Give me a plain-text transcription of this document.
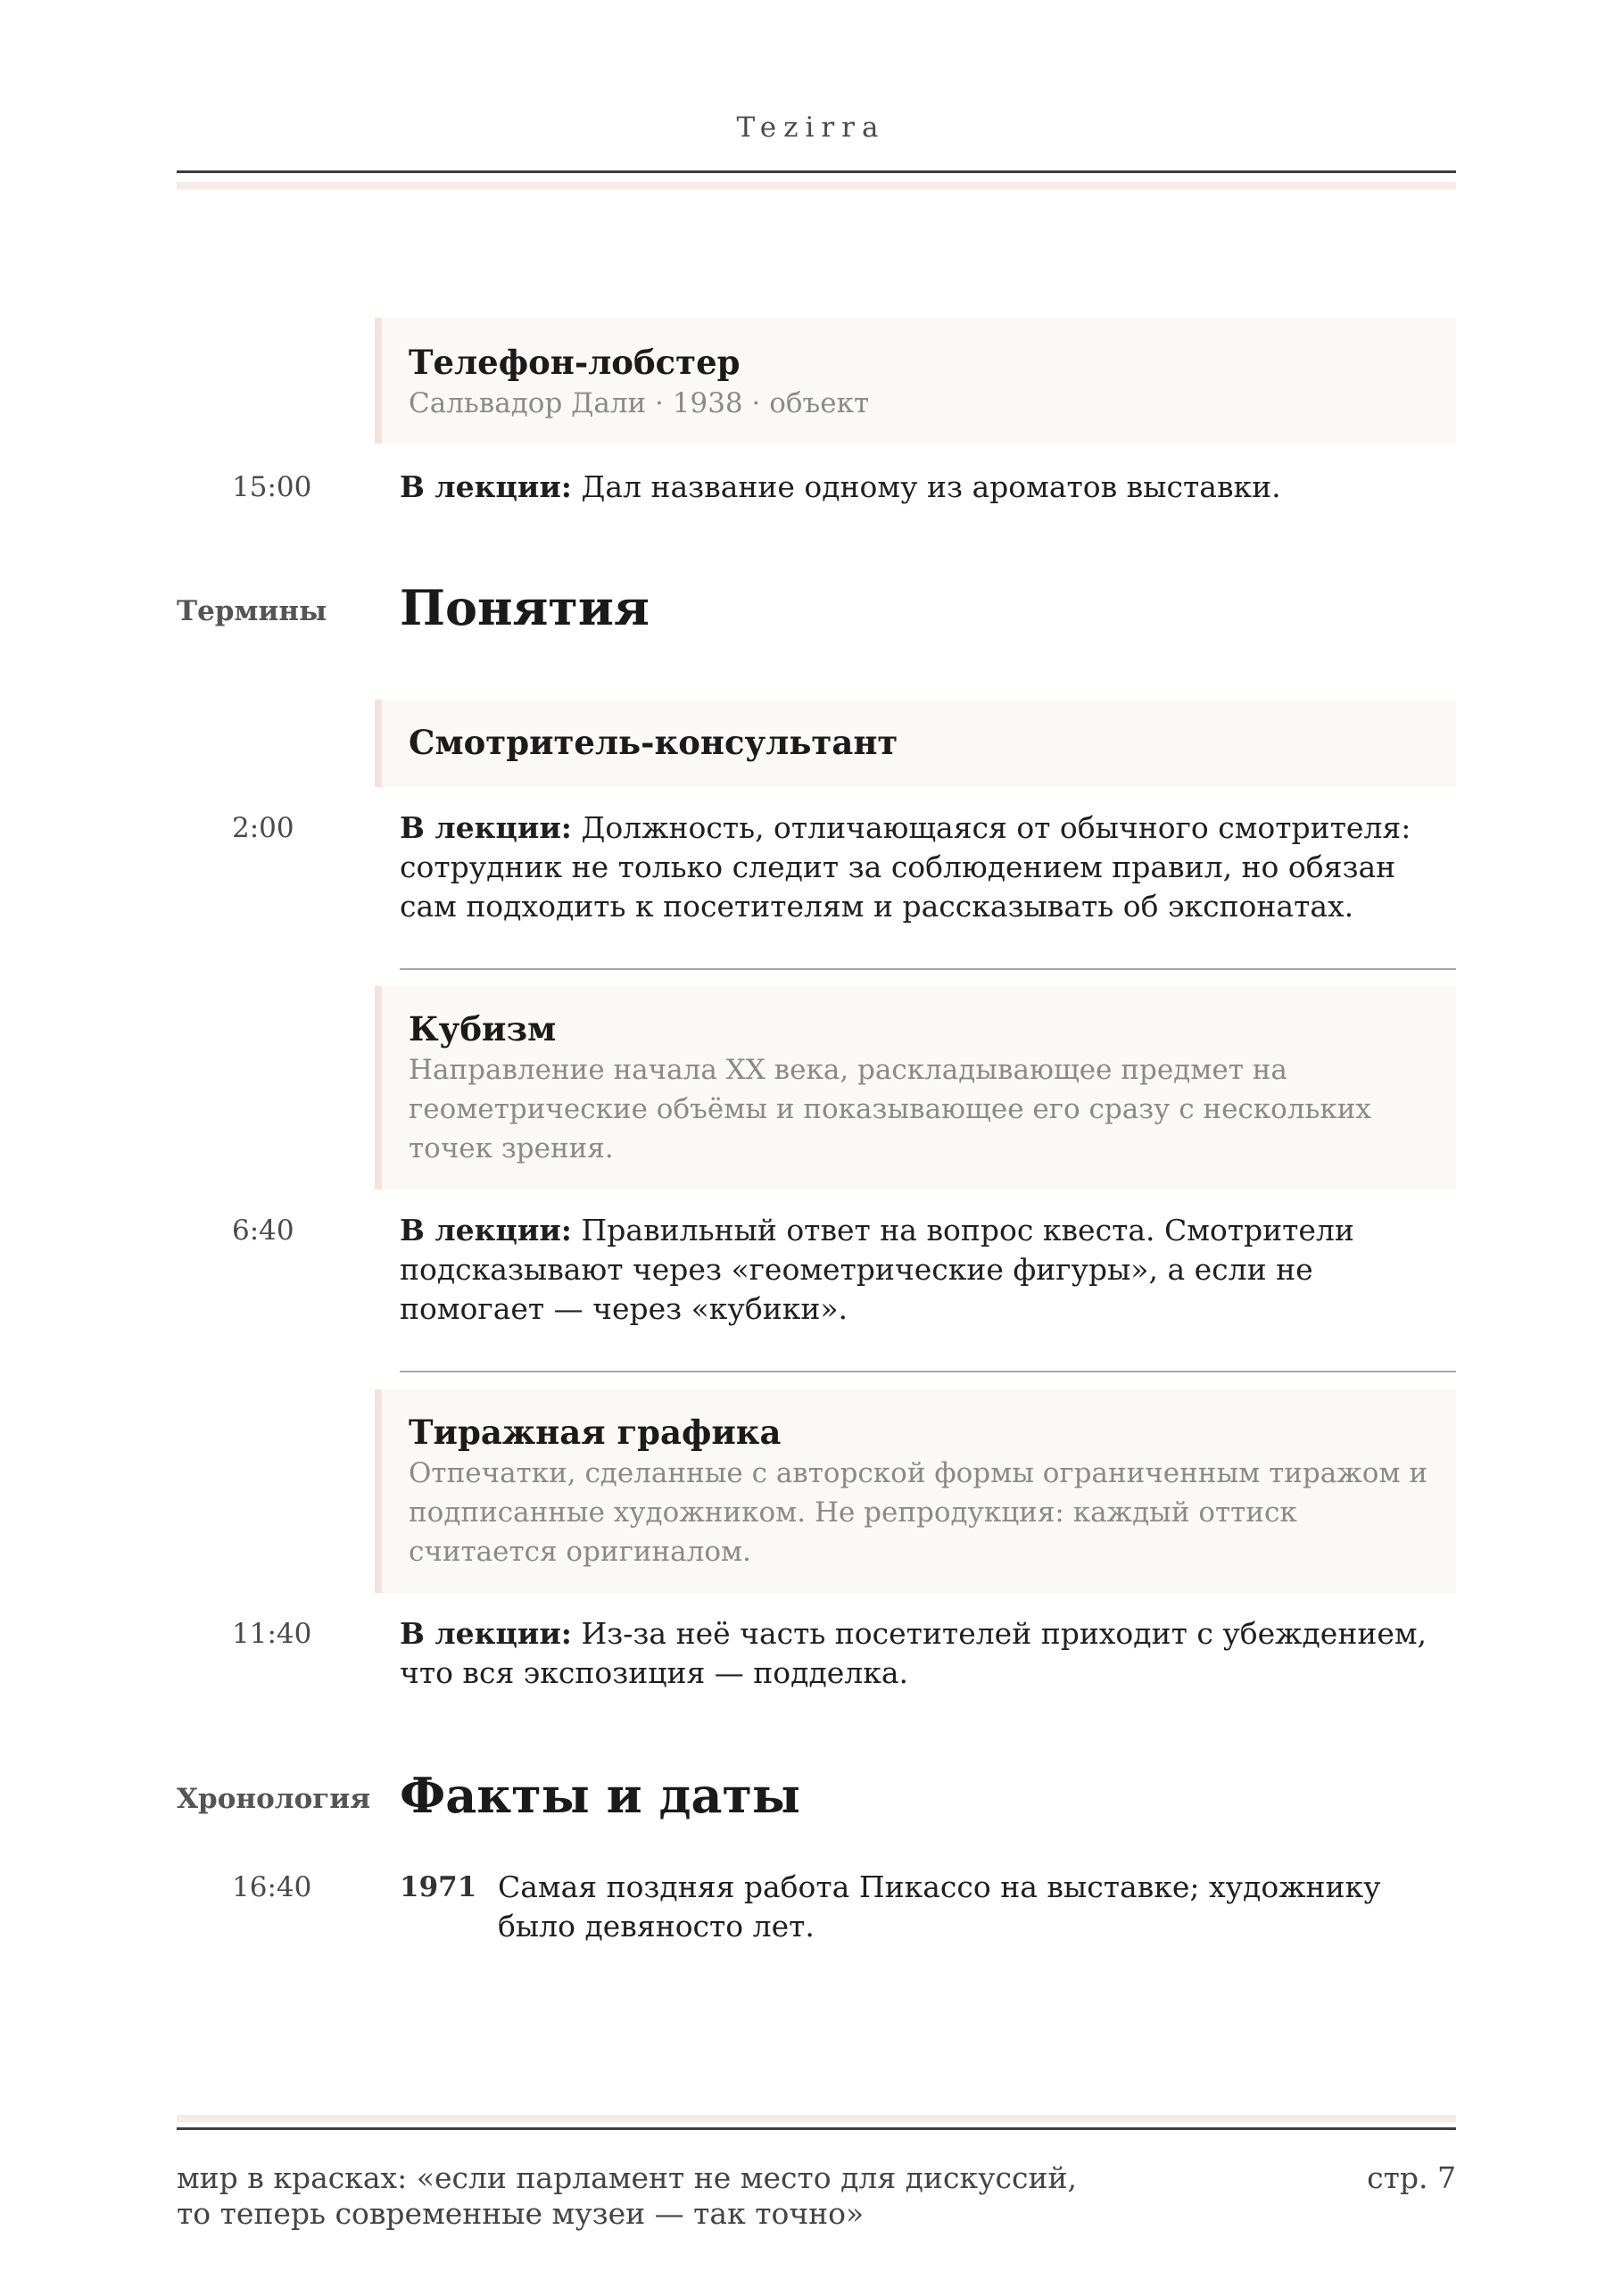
Tezirra
Телефон-лобстер
Сальвадор Дали · 1938 · объект
15:00	В лекции: Дал название одному из ароматов выставки.
Термины Понятия
Смотритель-консультант
2:00	В лекции: Должность, отличающаяся от обычного смотрителя: сотрудник не только следит за соблюдением правил, но обязан сам подходить к посетителям и рассказывать об экспонатах.
Кубизм
Направление начала XX века, раскладывающее предмет на геометрические объёмы и показывающее его сразу с нескольких точек зрения.
6:40	В лекции: Правильный ответ на вопрос квеста. Смотрители подсказывают через «геометрические фигуры», а если не помогает — через «кубики».
Тиражная графика
Отпечатки, сделанные с авторской формы ограниченным тиражом и подписанные художником. Не репродукция: каждый оттиск считается оригиналом.
11:40	В лекции: Из-за неё часть посетителей приходит с убеждением, что вся экспозиция — подделка.
Хронология Факты и даты
16:40	1971 Самая поздняя работа Пикассо на выставке; художнику было девяносто лет.
мир в красках: «если парламент не место для дискуссий,
то теперь современные музеи — так точно»
стр. 7
